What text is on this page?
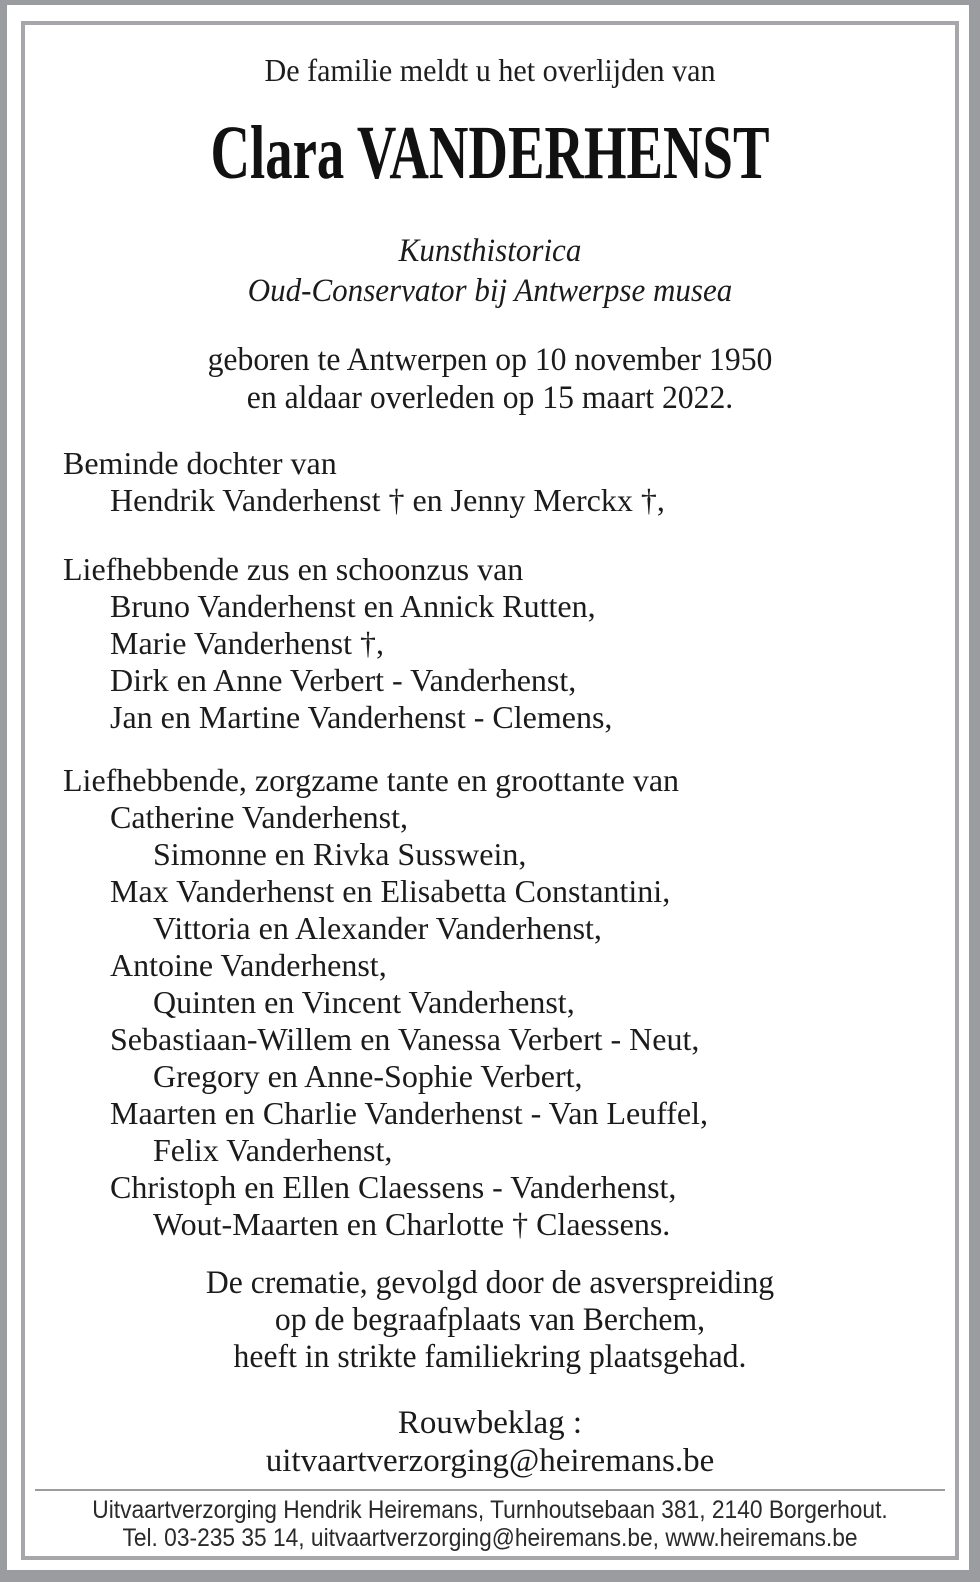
De familie meldt u het overlijden van
Clara VANDERHENST
Kunsthistorica
Oud-Conservator bij Antwerpse musea
geboren te Antwerpen op 10 november 1950
en aldaar overleden op 15 maart 2022.
Beminde dochter van
Hendrik Vanderhenst † en Jenny Merckx †,
Liefhebbende zus en schoonzus van
Bruno Vanderhenst en Annick Rutten,
Marie Vanderhenst †,
Dirk en Anne Verbert - Vanderhenst,
Jan en Martine Vanderhenst - Clemens,
Liefhebbende, zorgzame tante en groottante van
Catherine Vanderhenst,
Simonne en Rivka Susswein,
Max Vanderhenst en Elisabetta Constantini,
Vittoria en Alexander Vanderhenst,
Antoine Vanderhenst,
Quinten en Vincent Vanderhenst,
Sebastiaan-Willem en Vanessa Verbert - Neut,
Gregory en Anne-Sophie Verbert,
Maarten en Charlie Vanderhenst - Van Leuffel,
Felix Vanderhenst,
Christoph en Ellen Claessens - Vanderhenst,
Wout-Maarten en Charlotte † Claessens.
De crematie, gevolgd door de asverspreiding
op de begraafplaats van Berchem,
heeft in strikte familiekring plaatsgehad.
Rouwbeklag :
uitvaartverzorging@heiremans.be
Uitvaartverzorging Hendrik Heiremans, Turnhoutsebaan 381, 2140 Borgerhout.
Tel. 03-235 35 14, uitvaartverzorging@heiremans.be, www.heiremans.be
